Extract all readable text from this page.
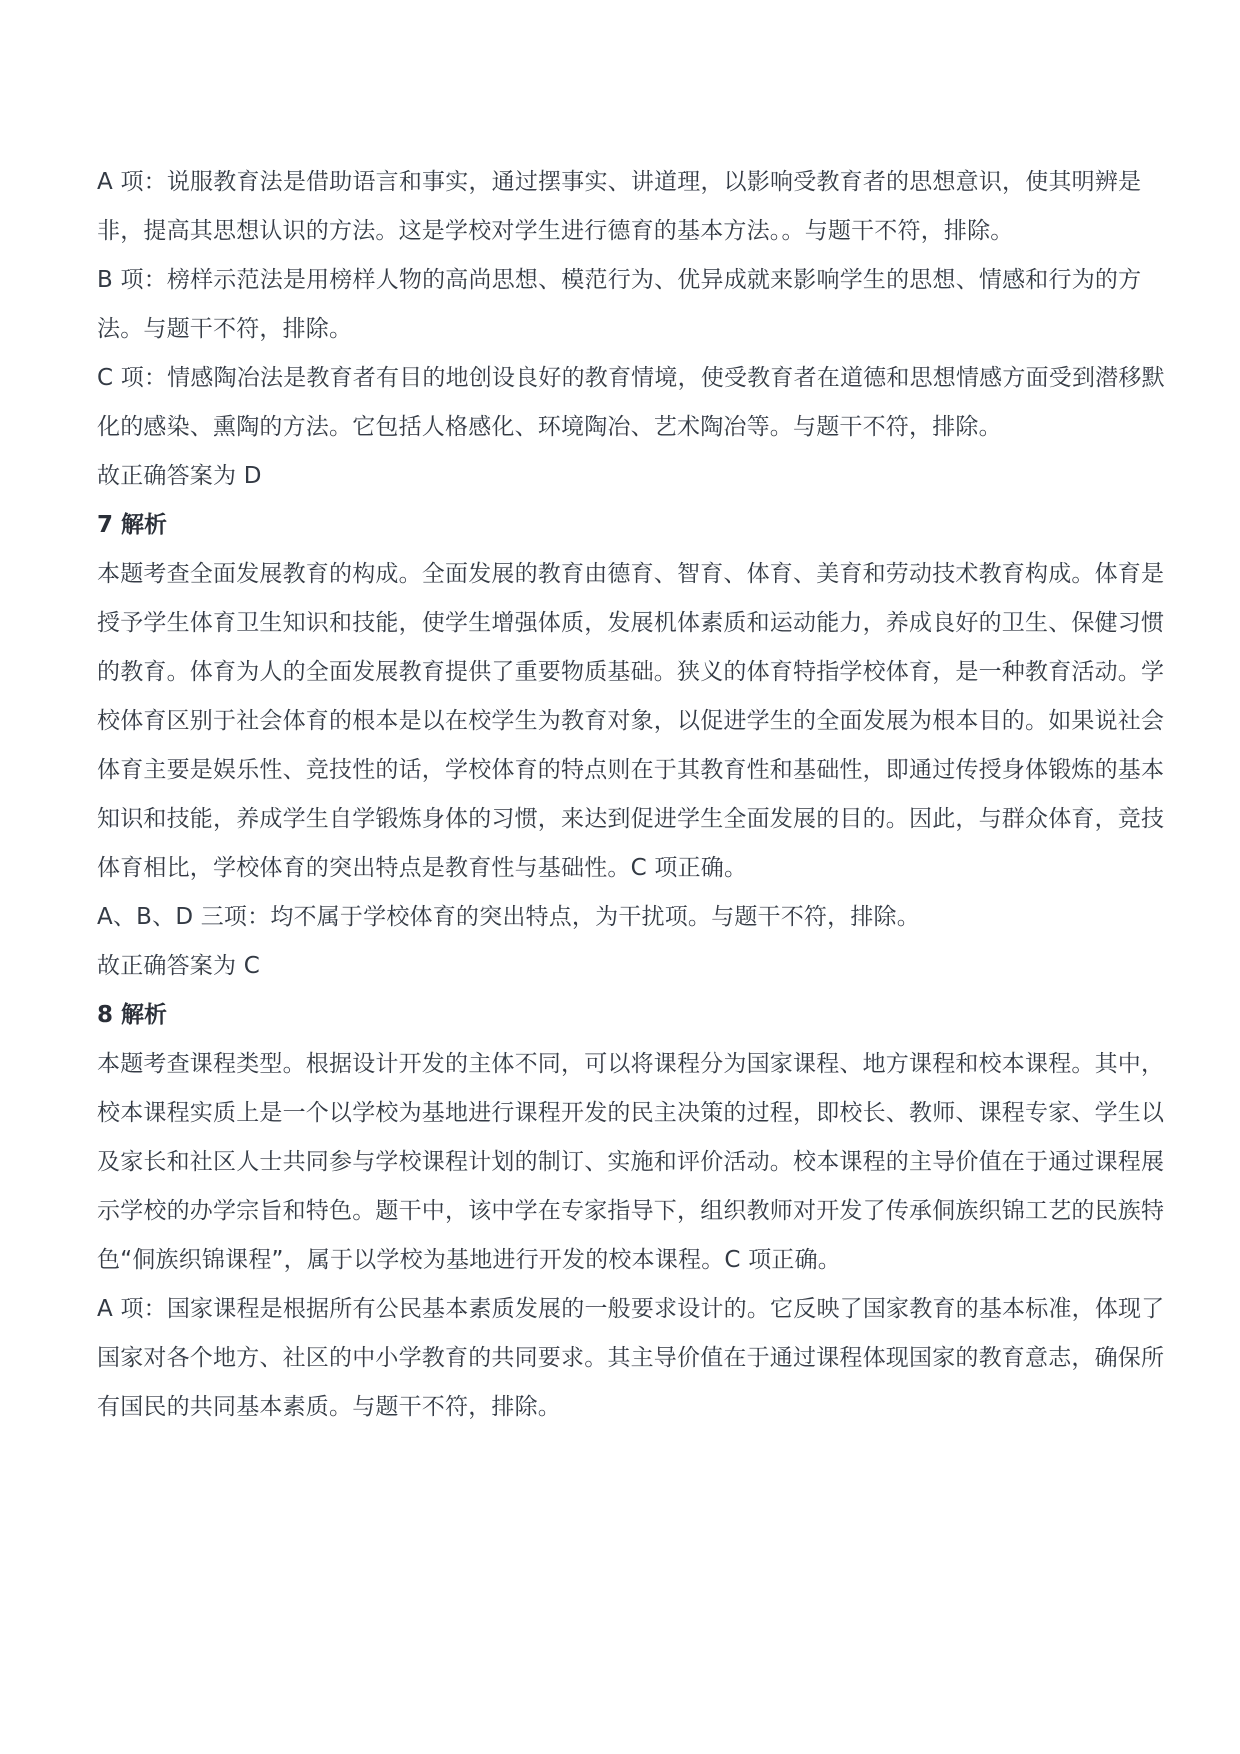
A 项：说服教育法是借助语言和事实，通过摆事实、讲道理，以影响受教育者的思想意识，使其明辨是非，提高其思想认识的方法。这是学校对学生进行德育的基本方法。。与题干不符，排除。

B 项：榜样示范法是用榜样人物的高尚思想、模范行为、优异成就来影响学生的思想、情感和行为的方法。与题干不符，排除。

C 项：情感陶冶法是教育者有目的地创设良好的教育情境，使受教育者在道德和思想情感方面受到潜移默化的感染、熏陶的方法。它包括人格感化、环境陶冶、艺术陶冶等。与题干不符，排除。

故正确答案为 D

7 解析

本题考查全面发展教育的构成。全面发展的教育由德育、智育、体育、美育和劳动技术教育构成。体育是授予学生体育卫生知识和技能，使学生增强体质，发展机体素质和运动能力，养成良好的卫生、保健习惯的教育。体育为人的全面发展教育提供了重要物质基础。狭义的体育特指学校体育，是一种教育活动。学校体育区别于社会体育的根本是以在校学生为教育对象，以促进学生的全面发展为根本目的。如果说社会体育主要是娱乐性、竞技性的话，学校体育的特点则在于其教育性和基础性，即通过传授身体锻炼的基本知识和技能，养成学生自学锻炼身体的习惯，来达到促进学生全面发展的目的。因此，与群众体育，竞技体育相比，学校体育的突出特点是教育性与基础性。C 项正确。

A、B、D 三项：均不属于学校体育的突出特点，为干扰项。与题干不符，排除。

故正确答案为 C

8 解析

本题考查课程类型。根据设计开发的主体不同，可以将课程分为国家课程、地方课程和校本课程。其中，校本课程实质上是一个以学校为基地进行课程开发的民主决策的过程，即校长、教师、课程专家、学生以及家长和社区人士共同参与学校课程计划的制订、实施和评价活动。校本课程的主导价值在于通过课程展示学校的办学宗旨和特色。题干中，该中学在专家指导下，组织教师对开发了传承侗族织锦工艺的民族特色“侗族织锦课程”，属于以学校为基地进行开发的校本课程。C 项正确。

A 项：国家课程是根据所有公民基本素质发展的一般要求设计的。它反映了国家教育的基本标准，体现了国家对各个地方、社区的中小学教育的共同要求。其主导价值在于通过课程体现国家的教育意志，确保所有国民的共同基本素质。与题干不符，排除。
